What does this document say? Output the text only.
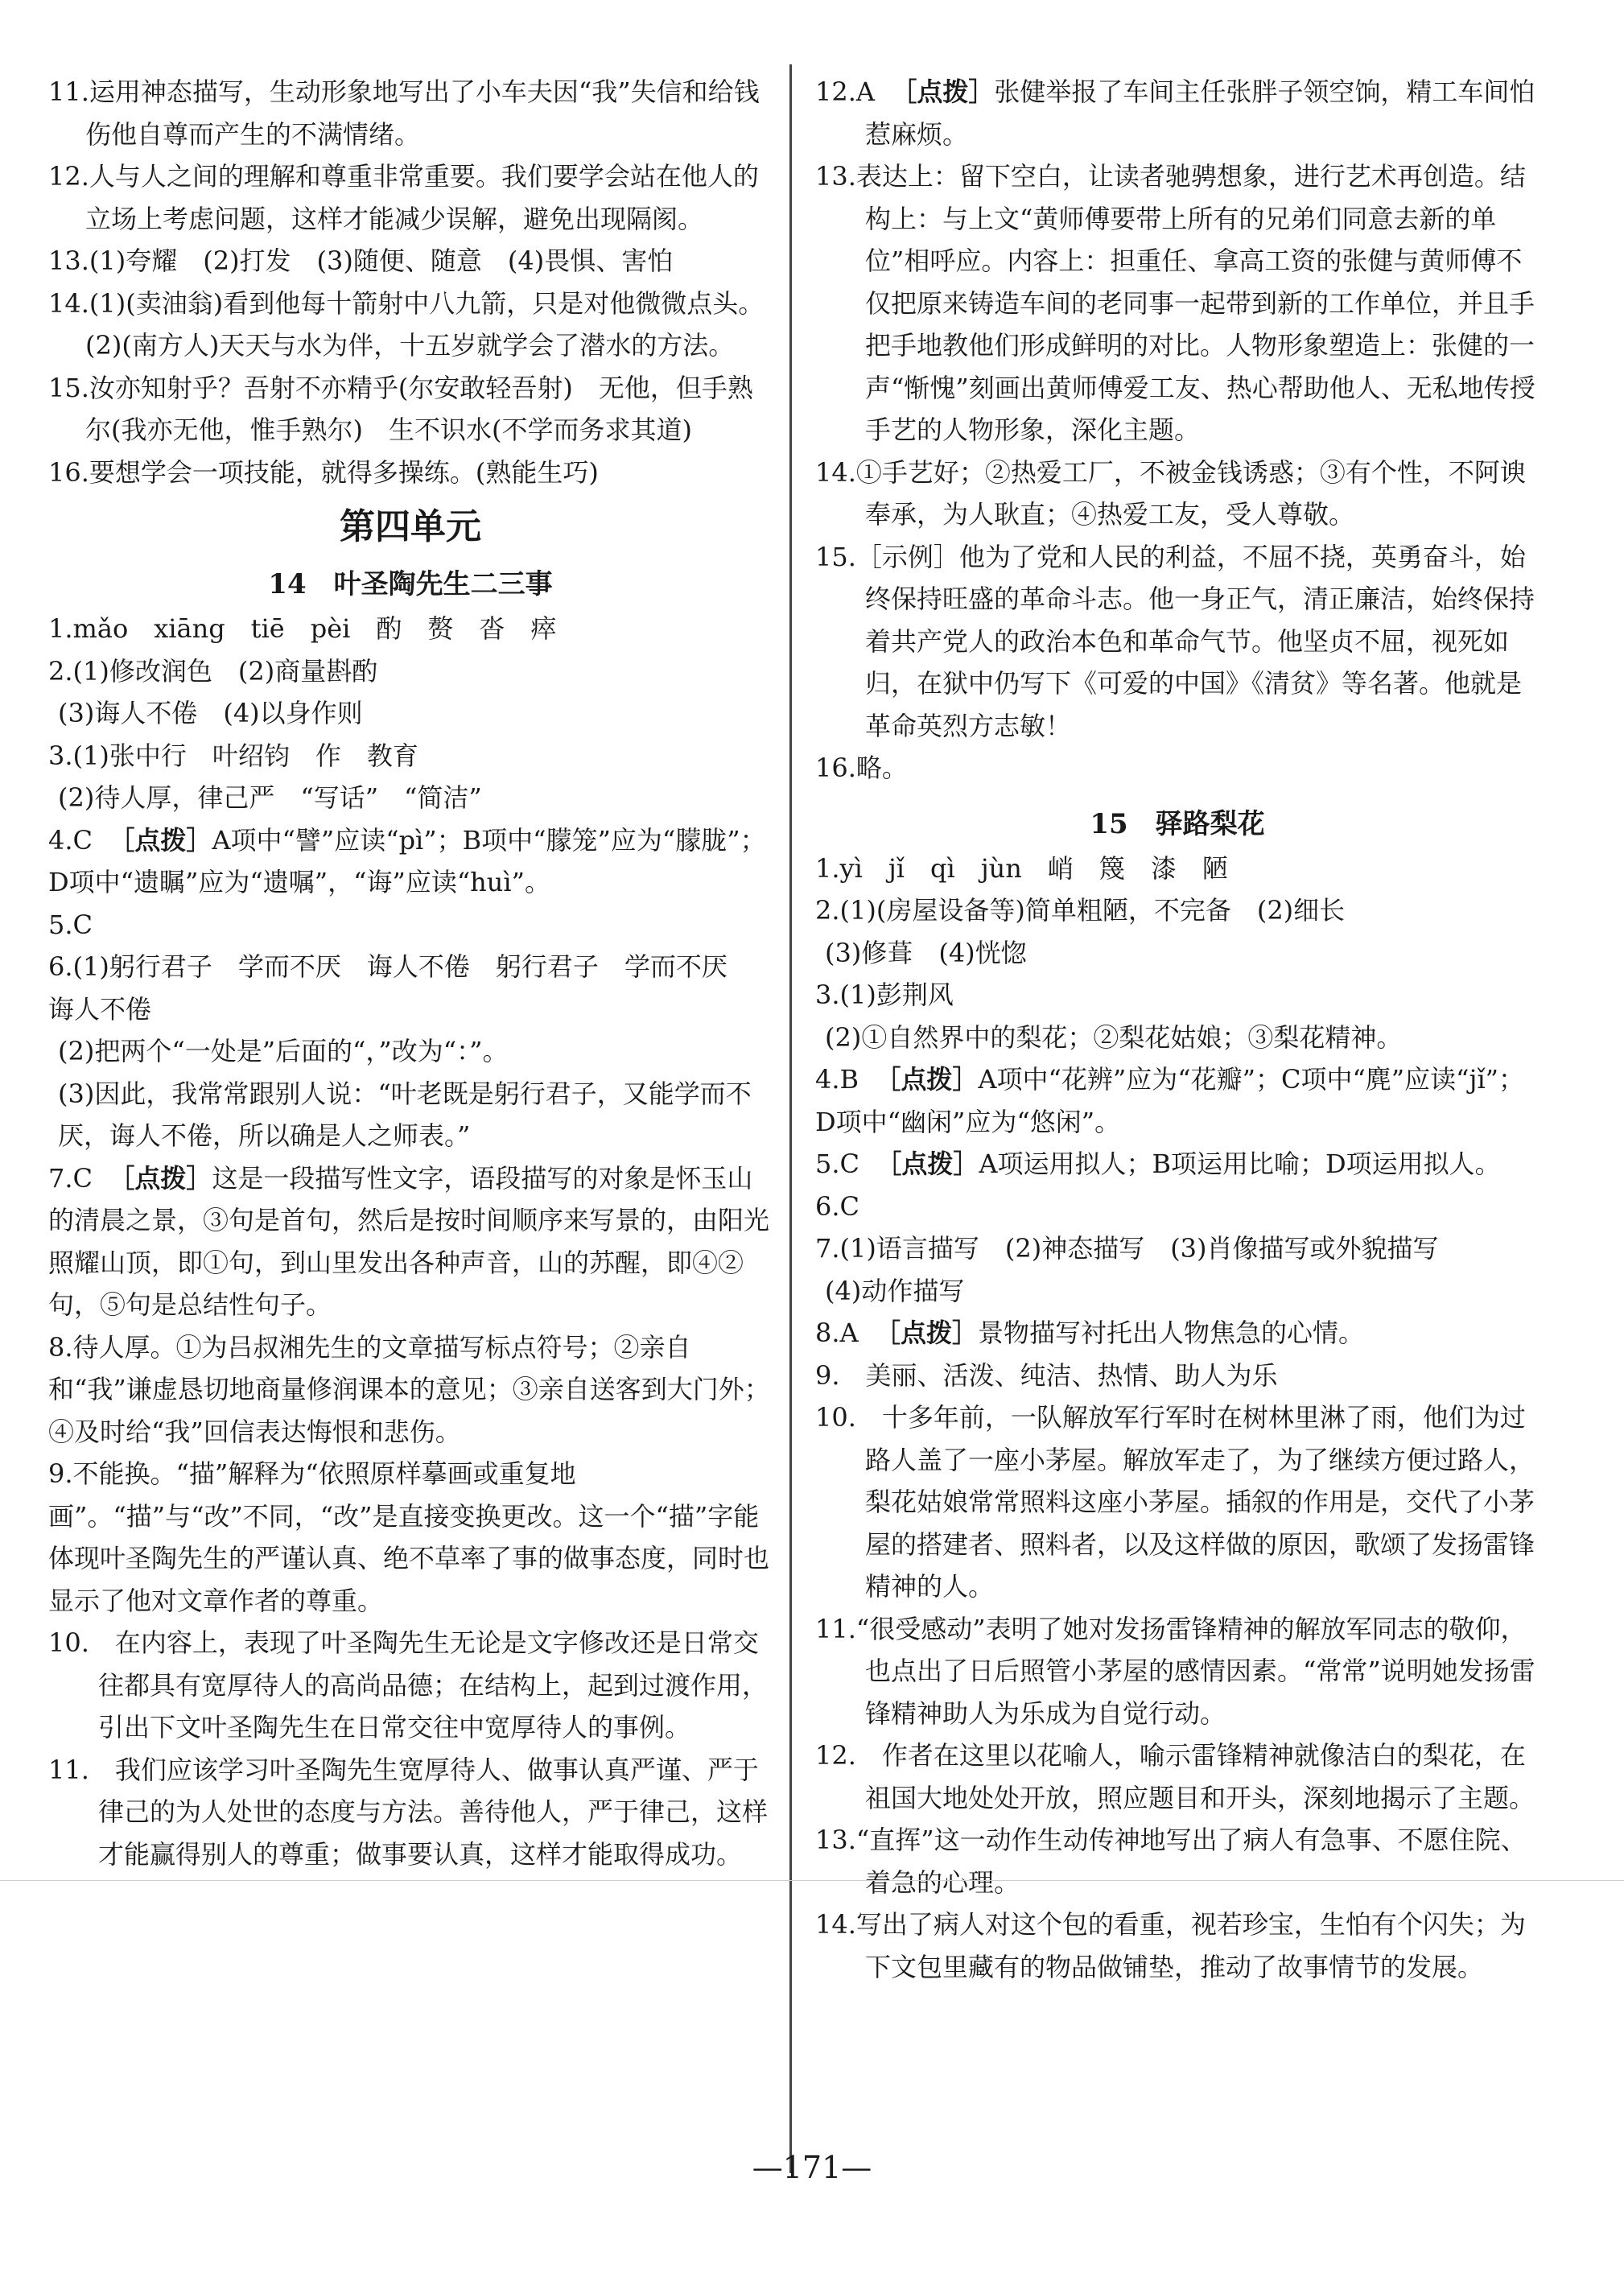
11.运用神态描写，生动形象地写出了小车夫因“我”失信和给钱伤他自尊而产生的不满情绪。

12.人与人之间的理解和尊重非常重要。我们要学会站在他人的立场上考虑问题，这样才能减少误解，避免出现隔阂。

13.(1)夸耀　(2)打发　(3)随便、随意　(4)畏惧、害怕

14.(1)(卖油翁)看到他每十箭射中八九箭，只是对他微微点头。

(2)(南方人)天天与水为伴，十五岁就学会了潜水的方法。

15.汝亦知射乎？吾射不亦精乎(尔安敢轻吾射)　无他，但手熟尔(我亦无他，惟手熟尔)　生不识水(不学而务求其道)

16.要想学会一项技能，就得多操练。(熟能生巧)

第四单元
14　叶圣陶先生二三事

1.mǎo　xiāng　tiē　pèi　酌　赘　沓　瘁

2.(1)修改润色　(2)商量斟酌

(3)诲人不倦　(4)以身作则

3.(1)张中行　叶绍钧　作　教育

(2)待人厚，律己严　“写话”　“简洁”

4.C ［点拨］A项中“譬”应读“pì”；B项中“朦笼”应为“朦胧”；D项中“遗瞩”应为“遗嘱”，“诲”应读“huì”。

5.C

6.(1)躬行君子　学而不厌　诲人不倦　躬行君子　学而不厌　诲人不倦

(2)把两个“一处是”后面的“，”改为“：”。

(3)因此，我常常跟别人说：“叶老既是躬行君子，又能学而不厌，诲人不倦，所以确是人之师表。”

7.C ［点拨］这是一段描写性文字，语段描写的对象是怀玉山的清晨之景，③句是首句，然后是按时间顺序来写景的，由阳光照耀山顶，即①句，到山里发出各种声音，山的苏醒，即④②句，⑤句是总结性句子。

8.待人厚。①为吕叔湘先生的文章描写标点符号；②亲自和“我”谦虚恳切地商量修润课本的意见；③亲自送客到大门外；④及时给“我”回信表达悔恨和悲伤。

9.不能换。“描”解释为“依照原样摹画或重复地画”。“描”与“改”不同，“改”是直接变换更改。这一个“描”字能体现叶圣陶先生的严谨认真、绝不草率了事的做事态度，同时也显示了他对文章作者的尊重。

10.　在内容上，表现了叶圣陶先生无论是文字修改还是日常交往都具有宽厚待人的高尚品德；在结构上，起到过渡作用，引出下文叶圣陶先生在日常交往中宽厚待人的事例。

11.　我们应该学习叶圣陶先生宽厚待人、做事认真严谨、严于律己的为人处世的态度与方法。善待他人，严于律己，这样才能赢得别人的尊重；做事要认真，这样才能取得成功。

12.A ［点拨］张健举报了车间主任张胖子领空饷，精工车间怕惹麻烦。

13.表达上：留下空白，让读者驰骋想象，进行艺术再创造。结构上：与上文“黄师傅要带上所有的兄弟们同意去新的单位”相呼应。内容上：担重任、拿高工资的张健与黄师傅不仅把原来铸造车间的老同事一起带到新的工作单位，并且手把手地教他们形成鲜明的对比。人物形象塑造上：张健的一声“惭愧”刻画出黄师傅爱工友、热心帮助他人、无私地传授手艺的人物形象，深化主题。

14.①手艺好；②热爱工厂，不被金钱诱惑；③有个性，不阿谀奉承，为人耿直；④热爱工友，受人尊敬。

15.［示例］他为了党和人民的利益，不屈不挠，英勇奋斗，始终保持旺盛的革命斗志。他一身正气，清正廉洁，始终保持着共产党人的政治本色和革命气节。他坚贞不屈，视死如归，在狱中仍写下《可爱的中国》《清贫》等名著。他就是革命英烈方志敏！

16.略。

15　驿路梨花

1.yì　jǐ　qì　jùn　峭　篾　漆　陋

2.(1)(房屋设备等)简单粗陋，不完备　(2)细长

(3)修葺　(4)恍惚

3.(1)彭荆风

(2)①自然界中的梨花；②梨花姑娘；③梨花精神。

4.B ［点拨］A项中“花辨”应为“花瓣”；C项中“麂”应读“jǐ”；D项中“幽闲”应为“悠闲”。

5.C ［点拨］A项运用拟人；B项运用比喻；D项运用拟人。

6.C

7.(1)语言描写　(2)神态描写　(3)肖像描写或外貌描写

(4)动作描写

8.A ［点拨］景物描写衬托出人物焦急的心情。

9.　美丽、活泼、纯洁、热情、助人为乐

10.　十多年前，一队解放军行军时在树林里淋了雨，他们为过路人盖了一座小茅屋。解放军走了，为了继续方便过路人，梨花姑娘常常照料这座小茅屋。插叙的作用是，交代了小茅屋的搭建者、照料者，以及这样做的原因，歌颂了发扬雷锋精神的人。

11.“很受感动”表明了她对发扬雷锋精神的解放军同志的敬仰，也点出了日后照管小茅屋的感情因素。“常常”说明她发扬雷锋精神助人为乐成为自觉行动。

12.　作者在这里以花喻人，喻示雷锋精神就像洁白的梨花，在祖国大地处处开放，照应题目和开头，深刻地揭示了主题。

13.“直挥”这一动作生动传神地写出了病人有急事、不愿住院、着急的心理。

14.写出了病人对这个包的看重，视若珍宝，生怕有个闪失；为下文包里藏有的物品做铺垫，推动了故事情节的发展。

—171—
